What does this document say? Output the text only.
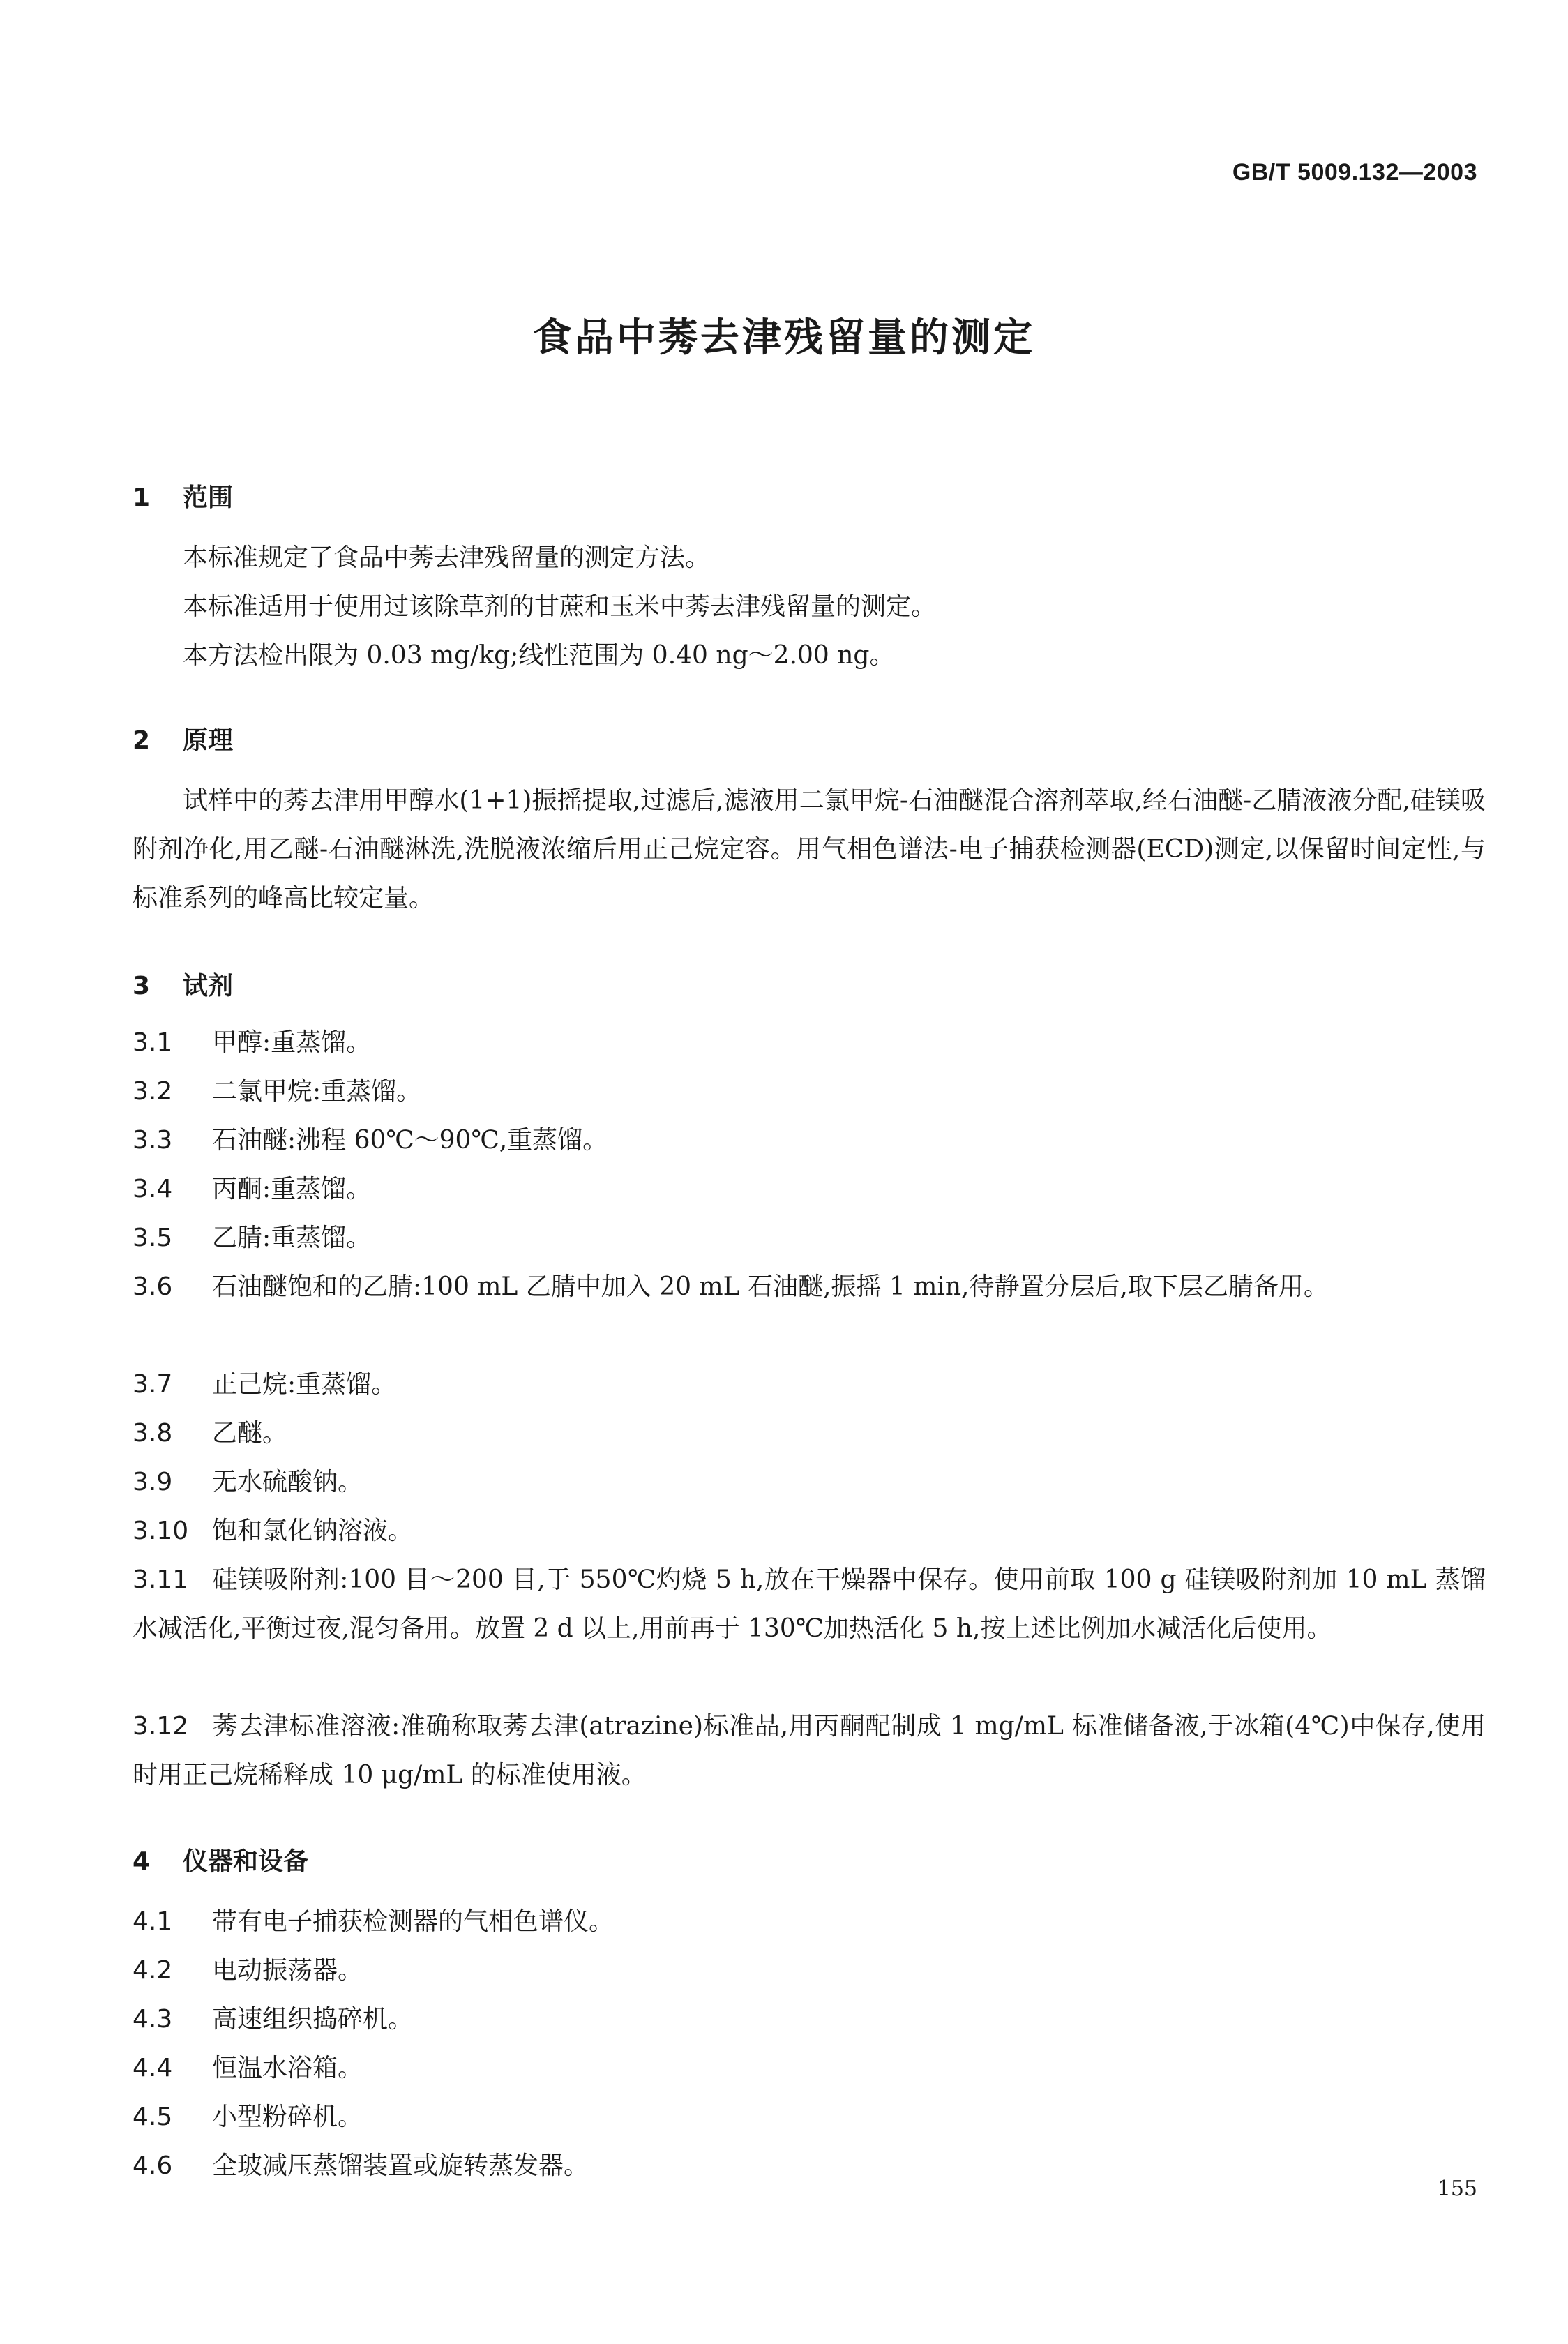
GB/T 5009.132—2003
食品中莠去津残留量的测定
1 范围
本标准规定了食品中莠去津残留量的测定方法。
本标准适用于使用过该除草剂的甘蔗和玉米中莠去津残留量的测定。
本方法检出限为 0.03 mg/kg;线性范围为 0.40 ng～2.00 ng。
2 原理
试样中的莠去津用甲醇水(1+1)振摇提取,过滤后,滤液用二氯甲烷-石油醚混合溶剂萃取,经石油醚-乙腈液液分配,硅镁吸附剂净化,用乙醚-石油醚淋洗,洗脱液浓缩后用正己烷定容。用气相色谱法-电子捕获检测器(ECD)测定,以保留时间定性,与标准系列的峰高比较定量。
3 试剂
3.1 甲醇:重蒸馏。
3.2 二氯甲烷:重蒸馏。
3.3 石油醚:沸程 60℃～90℃,重蒸馏。
3.4 丙酮:重蒸馏。
3.5 乙腈:重蒸馏。
3.6 石油醚饱和的乙腈:100 mL 乙腈中加入 20 mL 石油醚,振摇 1 min,待静置分层后,取下层乙腈备用。
3.7 正己烷:重蒸馏。
3.8 乙醚。
3.9 无水硫酸钠。
3.10 饱和氯化钠溶液。
3.11 硅镁吸附剂:100 目～200 目,于 550℃灼烧 5 h,放在干燥器中保存。使用前取 100 g 硅镁吸附剂加 10 mL 蒸馏水减活化,平衡过夜,混匀备用。放置 2 d 以上,用前再于 130℃加热活化 5 h,按上述比例加水减活化后使用。
3.12 莠去津标准溶液:准确称取莠去津(atrazine)标准品,用丙酮配制成 1 mg/mL 标准储备液,于冰箱(4℃)中保存,使用时用正己烷稀释成 10 μg/mL 的标准使用液。
4 仪器和设备
4.1 带有电子捕获检测器的气相色谱仪。
4.2 电动振荡器。
4.3 高速组织捣碎机。
4.4 恒温水浴箱。
4.5 小型粉碎机。
4.6 全玻减压蒸馏装置或旋转蒸发器。
155
